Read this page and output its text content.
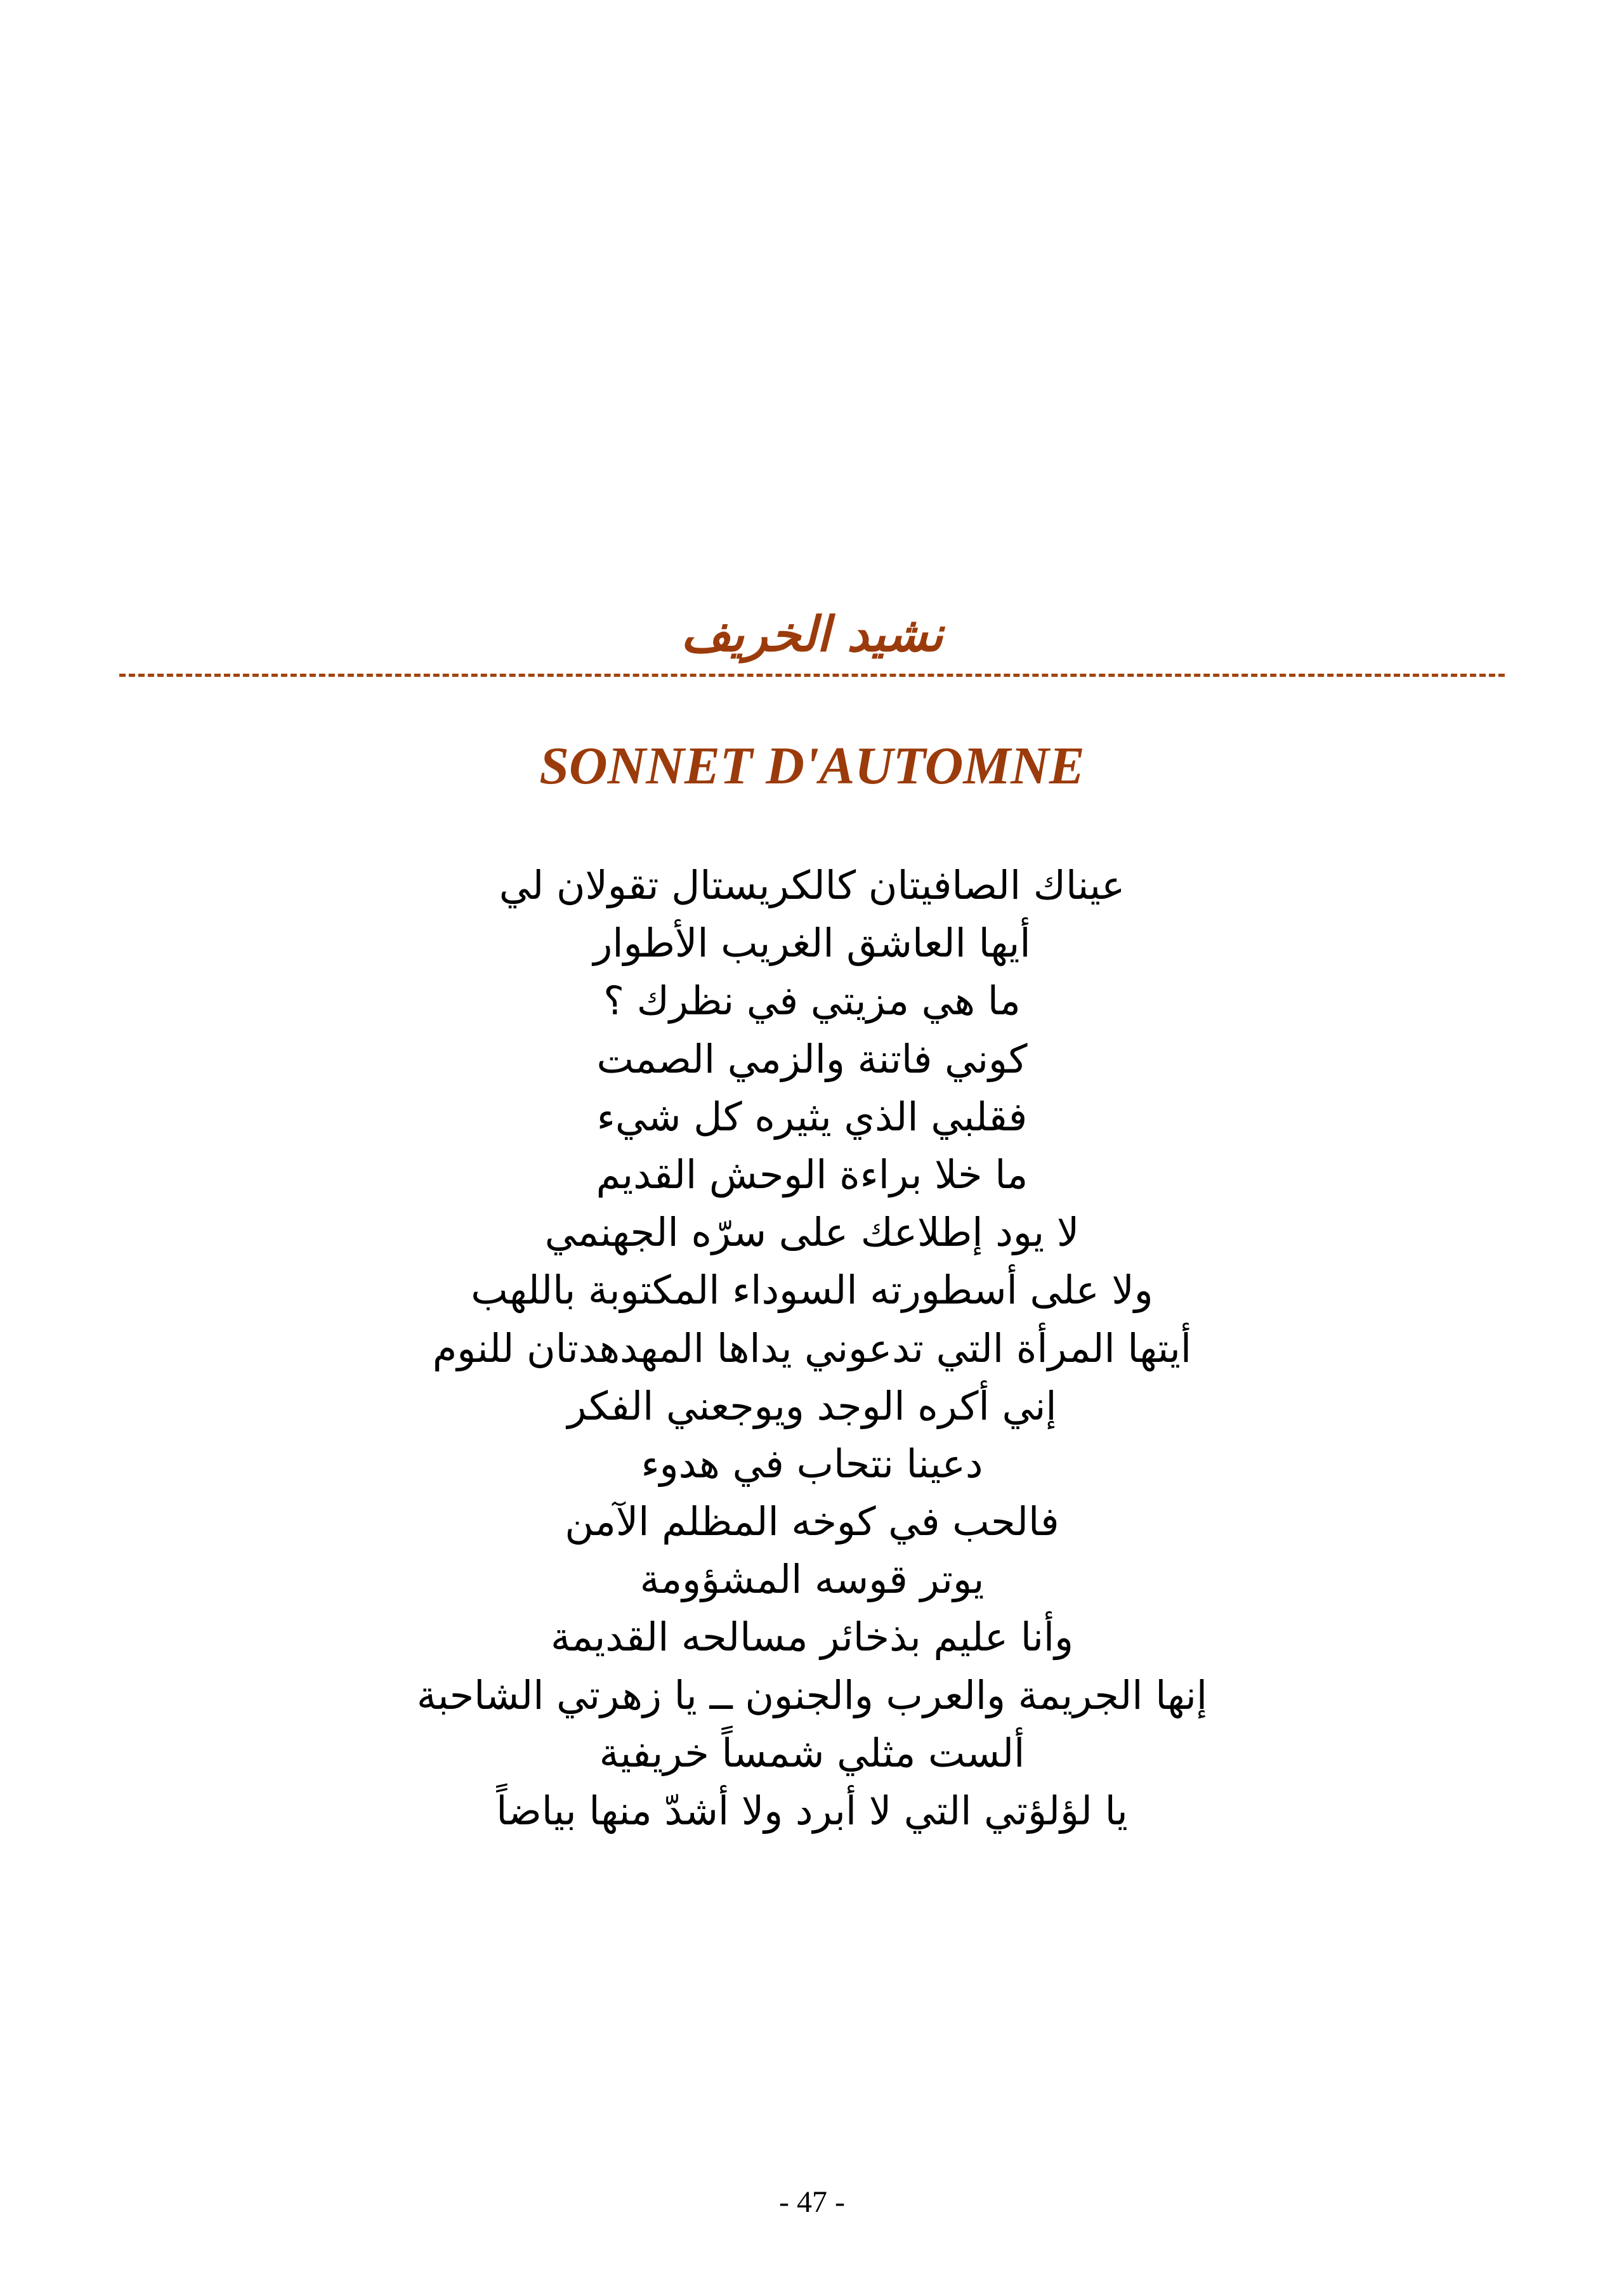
نشيد الخريف
SONNET D'AUTOMNE
عيناك الصافيتان كالكريستال تقولان لي
أيها العاشق الغريب الأطوار
ما هي مزيتي في نظرك ؟
كوني فاتنة والزمي الصمت
فقلبي الذي يثيره كل شيء
ما خلا براءة الوحش القديم
لا يود إطلاعك على سرّه الجهنمي
ولا على أسطورته السوداء المكتوبة باللهب
أيتها المرأة التي تدعوني يداها المهدهدتان للنوم
إني أكره الوجد ويوجعني الفكر
دعينا نتحاب في هدوء
فالحب في كوخه المظلم الآمن
يوتر قوسه المشؤومة
وأنا عليم بذخائر مسالحه القديمة
إنها الجريمة والعرب والجنون ــ يا زهرتي الشاحبة
ألست مثلي شمساً خريفية
يا لؤلؤتي التي لا أبرد ولا أشدّ منها بياضاً
- 47 -
